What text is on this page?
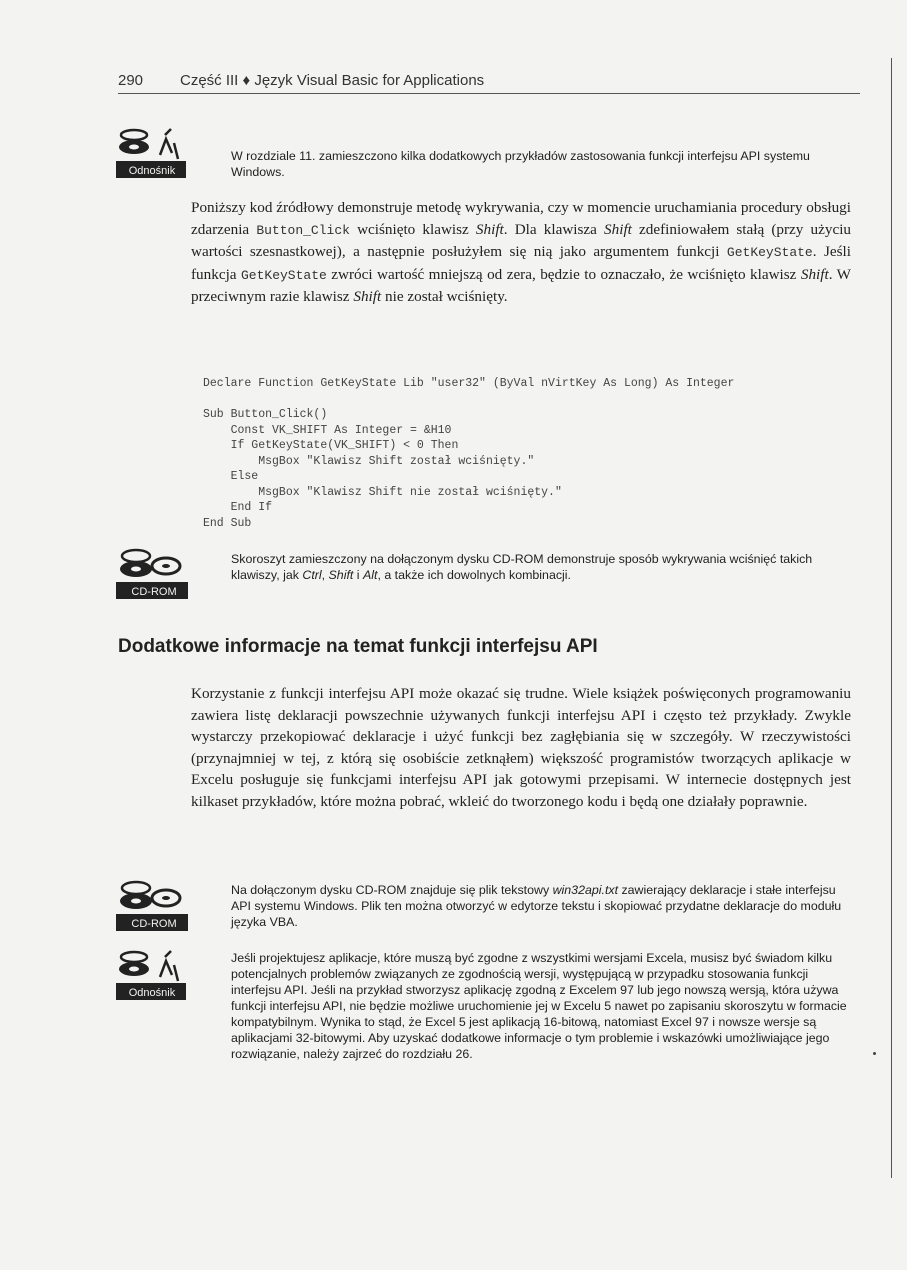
290 Część III ♦ Język Visual Basic for Applications
Odnośnik
W rozdziale 11. zamieszczono kilka dodatkowych przykładów zastosowania funkcji interfejsu API systemu Windows.
Poniższy kod źródłowy demonstruje metodę wykrywania, czy w momencie uruchamiania procedury obsługi zdarzenia Button_Click wciśnięto klawisz Shift. Dla klawisza Shift zdefiniowałem stałą (przy użyciu wartości szesnastkowej), a następnie posłużyłem się nią jako argumentem funkcji GetKeyState. Jeśli funkcja GetKeyState zwróci wartość mniejszą od zera, będzie to oznaczało, że wciśnięto klawisz Shift. W przeciwnym razie klawisz Shift nie został wciśnięty.
Declare Function GetKeyState Lib "user32" (ByVal nVirtKey As Long) As Integer

Sub Button_Click()
Const VK_SHIFT As Integer = &H10
If GetKeyState(VK_SHIFT) < 0 Then
MsgBox "Klawisz Shift został wciśnięty."
Else
MsgBox "Klawisz Shift nie został wciśnięty."
End If
End Sub
CD-ROM
Skoroszyt zamieszczony na dołączonym dysku CD-ROM demonstruje sposób wykrywania wciśnięć takich klawiszy, jak Ctrl, Shift i Alt, a także ich dowolnych kombinacji.
Dodatkowe informacje na temat funkcji interfejsu API
Korzystanie z funkcji interfejsu API może okazać się trudne. Wiele książek poświęconych programowaniu zawiera listę deklaracji powszechnie używanych funkcji interfejsu API i często też przykłady. Zwykle wystarczy przekopiować deklaracje i użyć funkcji bez zagłębiania się w szczegóły. W rzeczywistości (przynajmniej w tej, z którą się osobiście zetknąłem) większość programistów tworzących aplikacje w Excelu posługuje się funkcjami interfejsu API jak gotowymi przepisami. W internecie dostępnych jest kilkaset przykładów, które można pobrać, wkleić do tworzonego kodu i będą one działały poprawnie.
CD-ROM
Na dołączonym dysku CD-ROM znajduje się plik tekstowy win32api.txt zawierający deklaracje i stałe interfejsu API systemu Windows. Plik ten można otworzyć w edytorze tekstu i skopiować przydatne deklaracje do modułu języka VBA.
Odnośnik
Jeśli projektujesz aplikacje, które muszą być zgodne z wszystkimi wersjami Excela, musisz być świadom kilku potencjalnych problemów związanych ze zgodnością wersji, występującą w przypadku stosowania funkcji interfejsu API. Jeśli na przykład stworzysz aplikację zgodną z Excelem 97 lub jego nowszą wersją, która używa funkcji interfejsu API, nie będzie możliwe uruchomienie jej w Excelu 5 nawet po zapisaniu skoroszytu w formacie kompatybilnym. Wynika to stąd, że Excel 5 jest aplikacją 16-bitową, natomiast Excel 97 i nowsze wersje są aplikacjami 32-bitowymi. Aby uzyskać dodatkowe informacje o tym problemie i wskazówki umożliwiające jego rozwiązanie, należy zajrzeć do rozdziału 26.
